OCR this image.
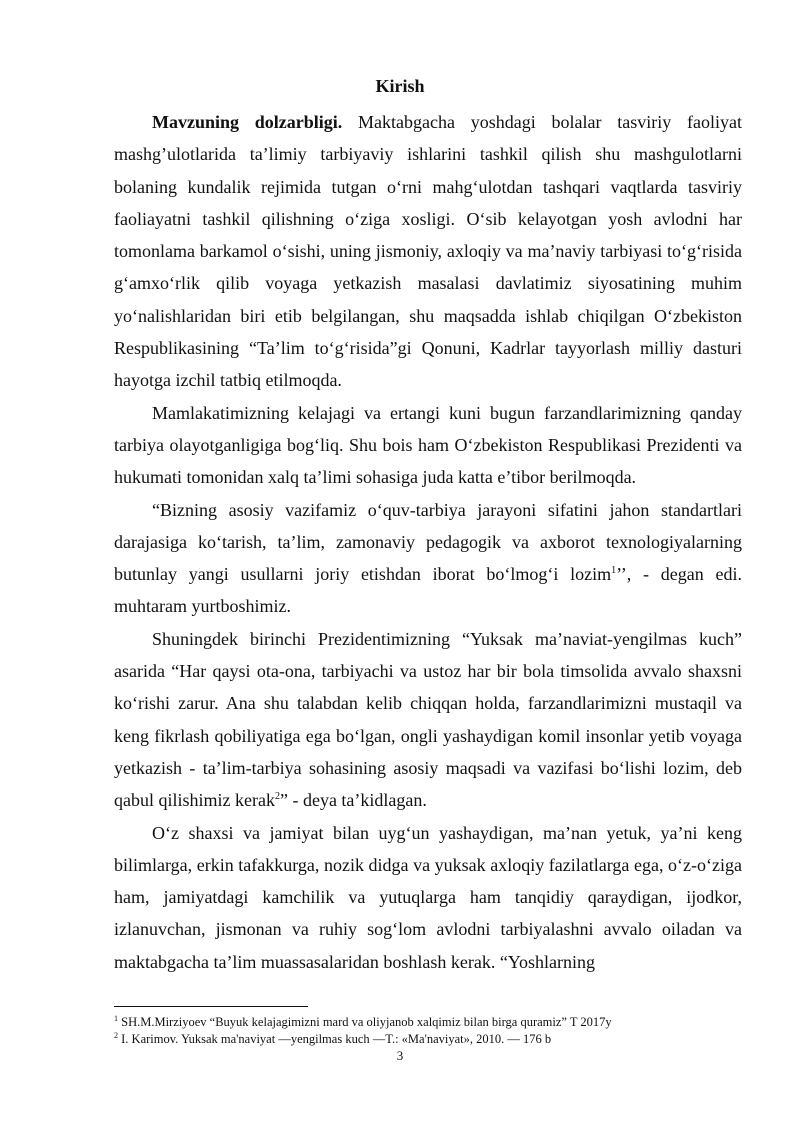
Kirish

Mavzuning dolzarbligi. Maktabgacha yoshdagi bolalar tasviriy faoliyat mashg’ulotlarida ta’limiy tarbiyaviy ishlarini tashkil qilish shu mashgulotlarni bolaning kundalik rejimida tutgan o‘rni mahg‘ulotdan tashqari vaqtlarda tasviriy faoliayatni tashkil qilishning o‘ziga xosligi. O‘sib kelayotgan yosh avlodni har tomonlama barkamol o‘sishi, uning jismoniy, axloqiy va ma’naviy tarbiyasi to‘g‘risida g‘amxo‘rlik qilib voyaga yetkazish masalasi davlatimiz siyosatining muhim yo‘nalishlaridan biri etib belgilangan, shu maqsadda ishlab chiqilgan O‘zbekiston Respublikasining “Ta’lim to‘g‘risida”gi Qonuni, Kadrlar tayyorlash milliy dasturi hayotga izchil tatbiq etilmoqda.

Mamlakatimizning kelajagi va ertangi kuni bugun farzandlarimizning qanday tarbiya olayotganligiga bog‘liq. Shu bois ham O‘zbekiston Respublikasi Prezidenti va hukumati tomonidan xalq ta’limi sohasiga juda katta e’tibor berilmoqda.

“Bizning asosiy vazifamiz o‘quv-tarbiya jarayoni sifatini jahon standartlari darajasiga ko‘tarish, ta’lim, zamonaviy pedagogik va axborot texnologiyalarning butunlay yangi usullarni joriy etishdan iborat bo‘lmog‘i lozim$^1$’’, - degan edi. muhtaram yurtboshimiz.

Shuningdek birinchi Prezidentimizning “Yuksak ma’naviat-yengilmas kuch” asarida “Har qaysi ota-ona, tarbiyachi va ustoz har bir bola timsolida avvalo shaxsni ko‘rishi zarur. Ana shu talabdan kelib chiqqan holda, farzandlarimizni mustaqil va keng fikrlash qobiliyatiga ega bo‘lgan, ongli yashaydigan komil insonlar yetib voyaga yetkazish - ta’lim-tarbiya sohasining asosiy maqsadi va vazifasi bo‘lishi lozim, deb qabul qilishimiz kerak$^2$” - deya ta’kidlagan.

O‘z shaxsi va jamiyat bilan uyg‘un yashaydigan, ma’nan yetuk, ya’ni keng bilimlarga, erkin tafakkurga, nozik didga va yuksak axloqiy fazilatlarga ega, o‘z-o‘ziga ham, jamiyatdagi kamchilik va yutuqlarga ham tanqidiy qaraydigan, ijodkor, izlanuvchan, jismonan va ruhiy sog‘lom avlodni tarbiyalashni avvalo oiladan va maktabgacha ta’lim muassasalaridan boshlash kerak. “Yoshlarning

$^1$ SH.M.Mirziyoev “Buyuk kelajagimizni mard va oliyjanob xalqimiz bilan birga quramiz” T 2017y

$^2$ I. Karimov. Yuksak ma'naviyat —yengilmas kuch —T.: «Ma'naviyat», 2010. — 176 b

3
